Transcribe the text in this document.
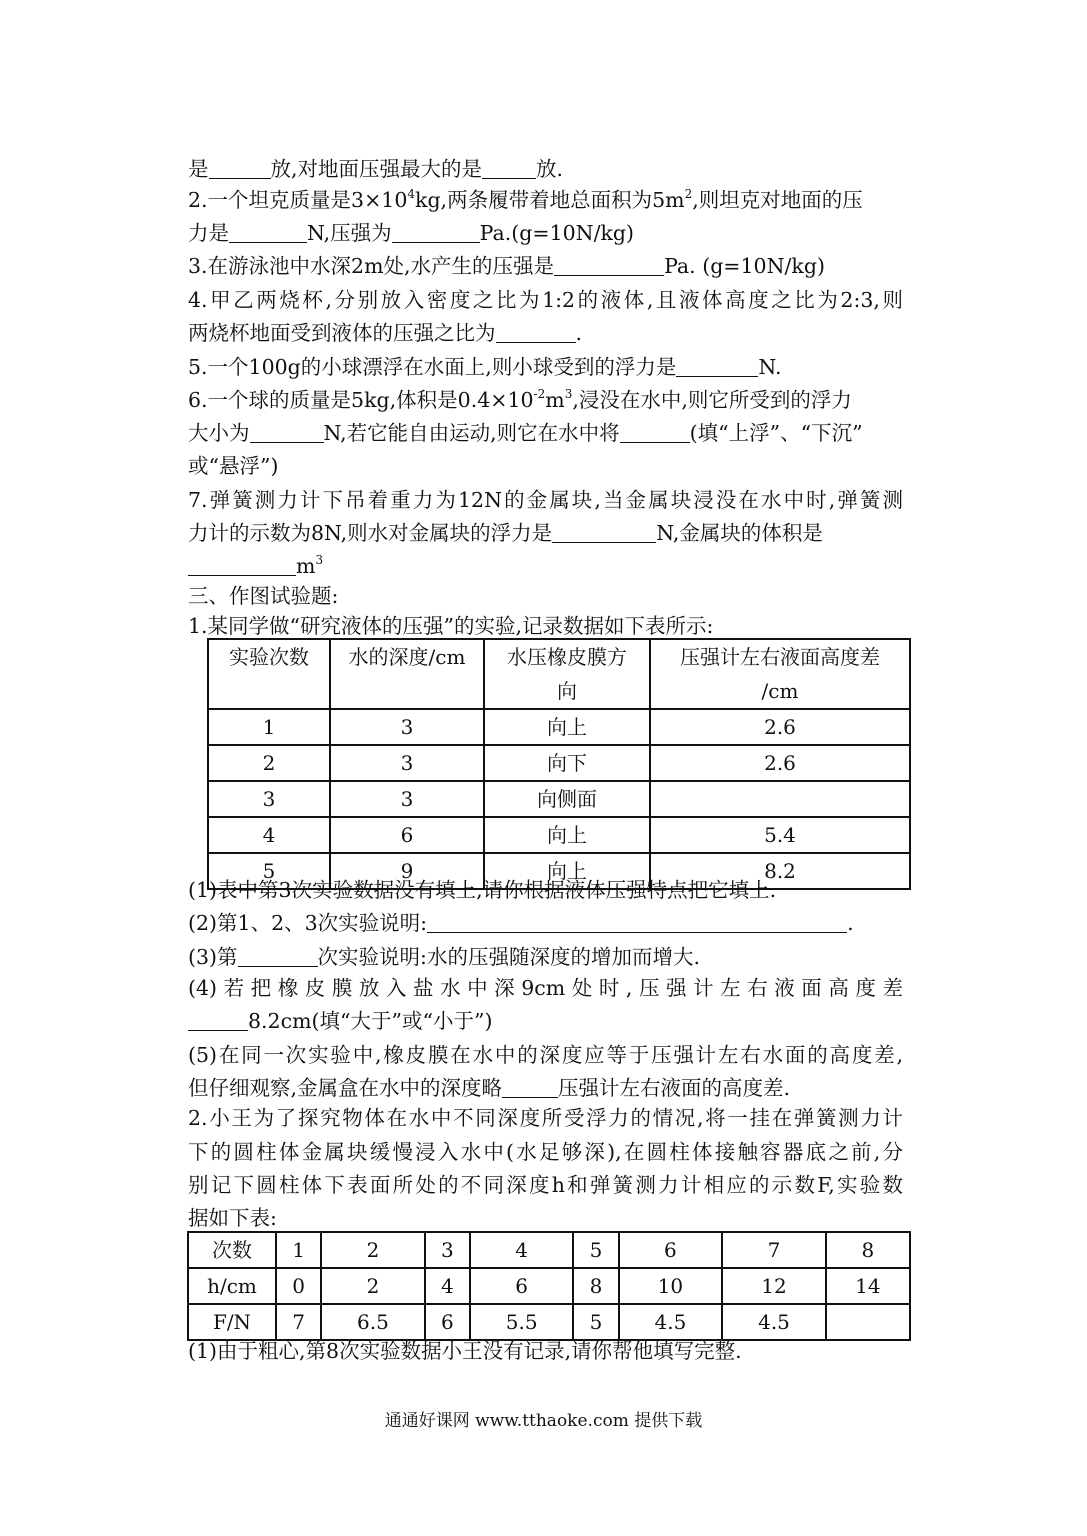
是	放,对地面压强最大的是	放.
2.一个坦克质量是$3\times 10^4kg$,两条履带着地总面积为$5m^2$,则坦克对地面的压
力是	N,压强为	Pa.(g=10N/kg)
3.在游泳池中水深2m处,水产生的压强是	Pa. (g=10N/kg)
4.甲乙两烧杯,分别放入密度之比为1:2的液体,且液体高度之比为2:3,则
两烧杯地面受到液体的压强之比为	.
5.一个100g的小球漂浮在水面上,则小球受到的浮力是	N.
6.一个球的质量是5kg,体积是$0.4\times 10^{-2}m^3$,浸没在水中,则它所受到的浮力
大小为	N,若它能自由运动,则它在水中将	(填“上浮”、“下沉”
或“悬浮”)
7.弹簧测力计下吊着重力为12N的金属块,当金属块浸没在水中时,弹簧测
力计的示数为8N,则水对金属块的浮力是	N,金属块的体积是
$m^3$
三、作图试验题:
1.某同学做“研究液体的压强”的实验,记录数据如下表所示:
实验次数	水的深度/cm	水压橡皮膜方
向	压强计左右液面高度差
/cm
1	3	向上	2.6
2	3	向下	2.6
3	3	向侧面	
4	6	向上	5.4
5	9	向上	8.2
(1)表中第3次实验数据没有填上,请你根据液体压强特点把它填上.
(2)第1、2、3次实验说明:	.
(3)第	次实验说明:水的压强随深度的增加而增大.
(4)若把橡皮膜放入盐水中深9cm处时,压强计左右液面高度差
8.2cm(填“大于”或“小于”)
(5)在同一次实验中,橡皮膜在水中的深度应等于压强计左右水面的高度差,
但仔细观察,金属盒在水中的深度略	压强计左右液面的高度差.
2.小王为了探究物体在水中不同深度所受浮力的情况,将一挂在弹簧测力计
下的圆柱体金属块缓慢浸入水中(水足够深),在圆柱体接触容器底之前,分
别记下圆柱体下表面所处的不同深度h和弹簧测力计相应的示数F,实验数
据如下表:
次数	1	2	3	4	5	6	7	8
h/cm	0	2	4	6	8	10	12	14
F/N	7	6.5	6	5.5	5	4.5	4.5	
(1)由于粗心,第8次实验数据小王没有记录,请你帮他填写完整.
通通好课网 www.tthaoke.com 提供下载
